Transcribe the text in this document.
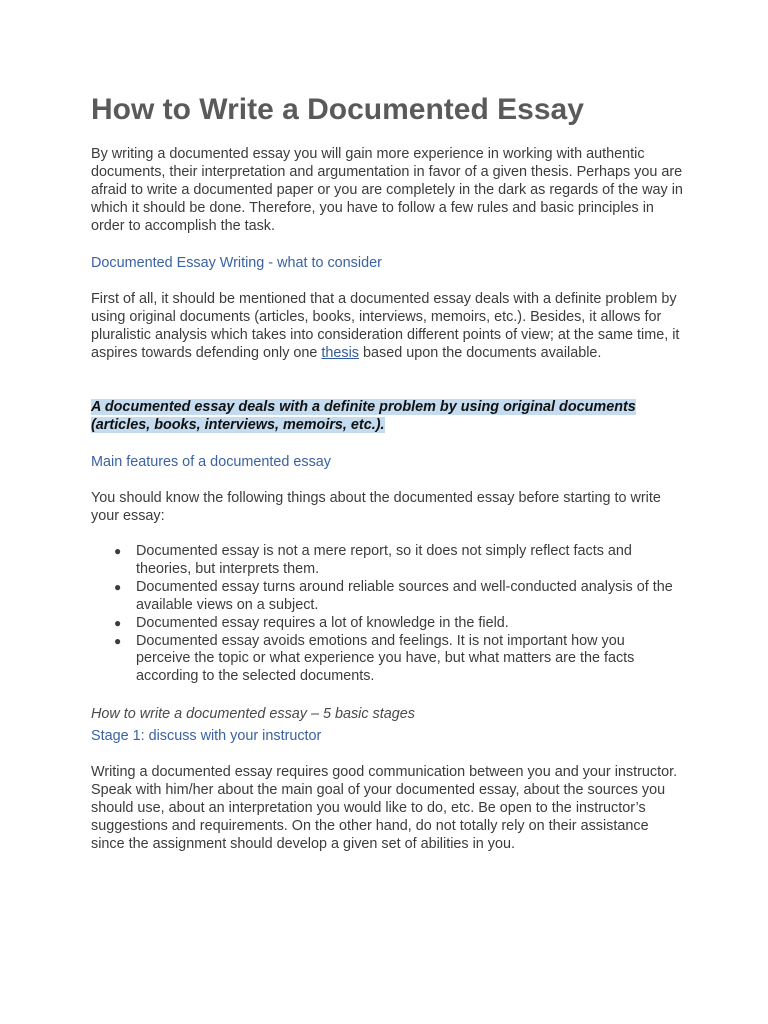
How to Write a Documented Essay

By writing a documented essay you will gain more experience in working with authentic documents, their interpretation and argumentation in favor of a given thesis. Perhaps you are afraid to write a documented paper or you are completely in the dark as regards of the way in which it should be done. Therefore, you have to follow a few rules and basic principles in order to accomplish the task.

Documented Essay Writing - what to consider

First of all, it should be mentioned that a documented essay deals with a definite problem by using original documents (articles, books, interviews, memoirs, etc.). Besides, it allows for pluralistic analysis which takes into consideration different points of view; at the same time, it aspires towards defending only one thesis based upon the documents available.

A documented essay deals with a definite problem by using original documents (articles, books, interviews, memoirs, etc.).

Main features of a documented essay

You should know the following things about the documented essay before starting to write your essay:

● Documented essay is not a mere report, so it does not simply reflect facts and theories, but interprets them.
● Documented essay turns around reliable sources and well-conducted analysis of the available views on a subject.
● Documented essay requires a lot of knowledge in the field.
● Documented essay avoids emotions and feelings. It is not important how you perceive the topic or what experience you have, but what matters are the facts according to the selected documents.

How to write a documented essay – 5 basic stages

Stage 1: discuss with your instructor

Writing a documented essay requires good communication between you and your instructor. Speak with him/her about the main goal of your documented essay, about the sources you should use, about an interpretation you would like to do, etc. Be open to the instructor’s suggestions and requirements. On the other hand, do not totally rely on their assistance since the assignment should develop a given set of abilities in you.
